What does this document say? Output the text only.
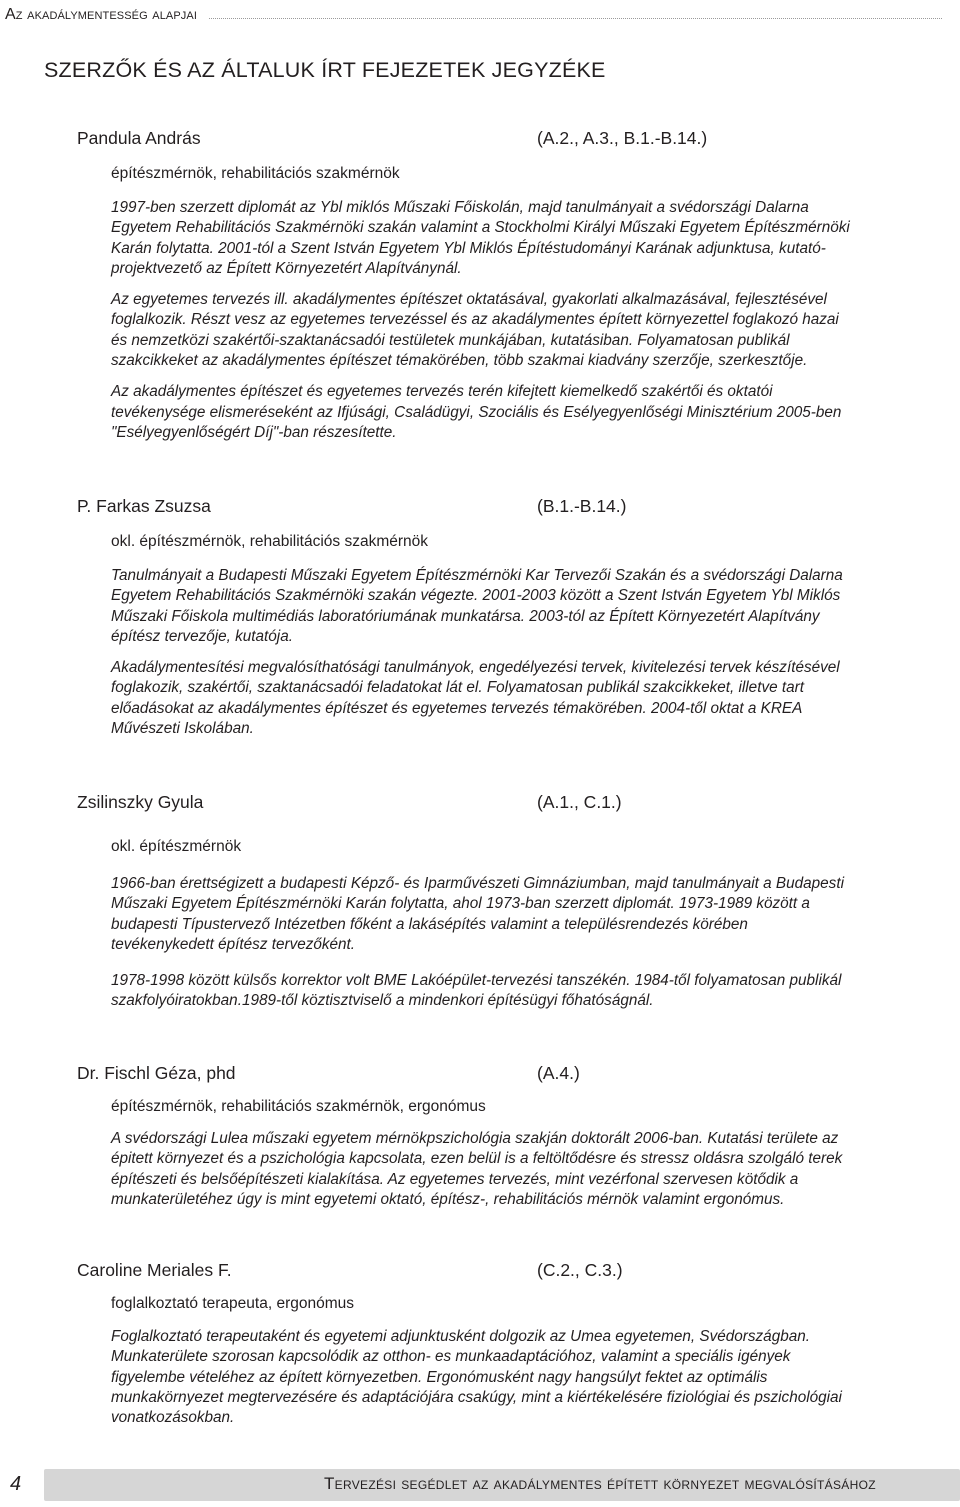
Az akadálymentesség alapjai
SZERZŐK ÉS AZ ÁLTALUK ÍRT FEJEZETEK JEGYZÉKE
Pandula András	(A.2., A.3., B.1.-B.14.)
építészmérnök, rehabilitációs szakmérnök

1997-ben szerzett diplomát az Ybl miklós Műszaki Főiskolán, majd tanulmányait a svédországi Dalarna
Egyetem Rehabilitációs Szakmérnöki szakán valamint a Stockholmi Királyi Műszaki Egyetem Építészmérnöki
Karán folytatta. 2001-tól a Szent István Egyetem Ybl Miklós Építéstudományi Karának adjunktusa, kutató-
projektvezető az Épített Környezetért Alapítványnál.

Az egyetemes tervezés ill. akadálymentes építészet oktatásával, gyakorlati alkalmazásával, fejlesztésével
foglalkozik. Részt vesz az egyetemes tervezéssel és az akadálymentes épített környezettel foglakozó hazai
és nemzetközi szakértői-szaktanácsadói testületek munkájában, kutatásiban. Folyamatosan publikál
szakcikkeket az akadálymentes építészet témakörében, több szakmai kiadvány szerzője, szerkesztője.

Az akadálymentes építészet és egyetemes tervezés terén kifejtett kiemelkedő szakértői és oktatói
tevékenysége elismeréseként az Ifjúsági, Családügyi, Szociális és Esélyegyenlőségi Minisztérium 2005-ben
"Esélyegyenlőségért Díj"-ban részesítette.

P. Farkas Zsuzsa	(B.1.-B.14.)
okl. építészmérnök, rehabilitációs szakmérnök

Tanulmányait a Budapesti Műszaki Egyetem Építészmérnöki Kar Tervezői Szakán és a svédországi Dalarna
Egyetem Rehabilitációs Szakmérnöki szakán végezte. 2001-2003 között a Szent István Egyetem Ybl Miklós
Műszaki Főiskola multimédiás laboratóriumának munkatársa. 2003-tól az Épített Környezetért Alapítvány
építész tervezője, kutatója.

Akadálymentesítési megvalósíthatósági tanulmányok, engedélyezési tervek, kivitelezési tervek készítésével
foglakozik, szakértői, szaktanácsadói feladatokat lát el. Folyamatosan publikál szakcikkeket, illetve tart
előadásokat az akadálymentes építészet és egyetemes tervezés témakörében. 2004-től oktat a KREA
Művészeti Iskolában.

Zsilinszky Gyula	(A.1., C.1.)
okl. építészmérnök

1966-ban érettségizett a budapesti Képző- és Iparművészeti Gimnáziumban, majd tanulmányait a Budapesti
Műszaki Egyetem Építészmérnöki Karán folytatta, ahol 1973-ban szerzett diplomát. 1973-1989 között a
budapesti Típustervező Intézetben főként a lakásépítés valamint a településrendezés körében
tevékenykedett építész tervezőként.

1978-1998 között külsős korrektor volt BME Lakóépület-tervezési tanszékén. 1984-től folyamatosan publikál
szakfolyóiratokban.1989-től köztisztviselő a mindenkori építésügyi főhatóságnál.

Dr. Fischl Géza, phd	(A.4.)
építészmérnök, rehabilitációs szakmérnök, ergonómus

A svédországi Lulea műszaki egyetem mérnökpszichológia szakján doktorált 2006-ban. Kutatási területe az
épitett környezet és a pszichológia kapcsolata, ezen belül is a feltöltődésre és stressz oldásra szolgáló terek
építészeti és belsőépítészeti kialakítása. Az egyetemes tervezés, mint vezérfonal szervesen kötődik a
munkaterületéhez úgy is mint egyetemi oktató, építész-, rehabilitációs mérnök valamint ergonómus.

Caroline Meriales F.	(C.2., C.3.)
foglalkoztató terapeuta, ergonómus

Foglalkoztató terapeutaként és egyetemi adjunktusként dolgozik az Umea egyetemen, Svédországban.
Munkaterülete szorosan kapcsolódik az otthon- es munkaadaptációhoz, valamint a speciális igények
figyelembe vételéhez az épített környezetben. Ergonómusként nagy hangsúlyt fektet az optimális
munkakörnyezet megtervezésére és adaptációjára csakúgy, mint a kiértékelésére fiziológiai és pszichológiai
vonatkozásokban.

4	Tervezési segédlet az akadálymentes épített környezet megvalósításához
